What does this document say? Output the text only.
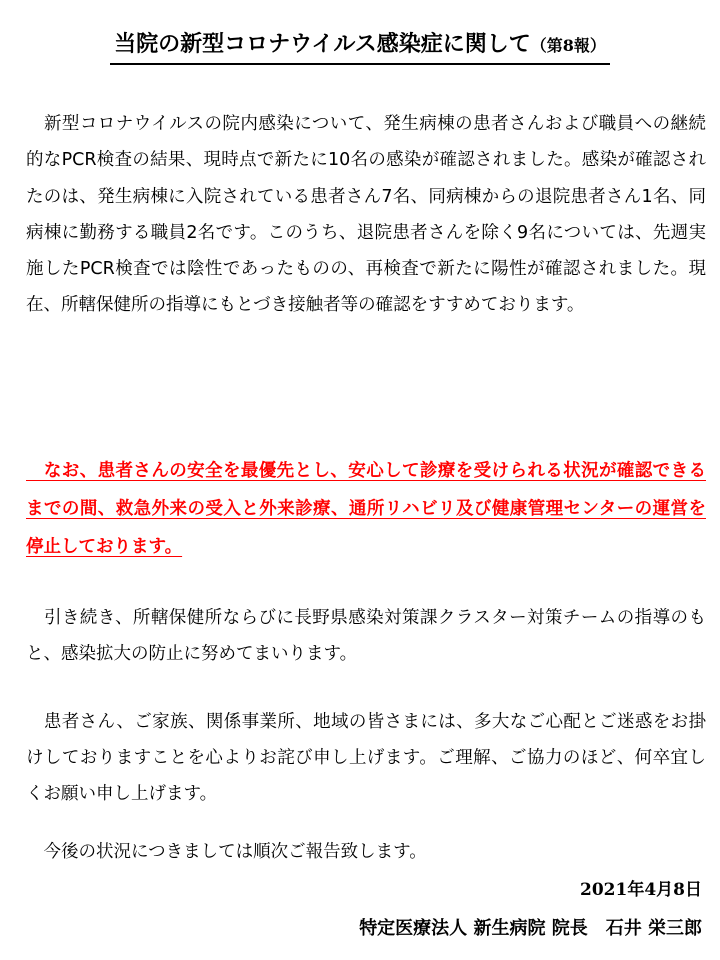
当院の新型コロナウイルス感染症に関して（第8報）

　新型コロナウイルスの院内感染について、発生病棟の患者さんおよび職員への継続的なPCR検査の結果、現時点で新たに10名の感染が確認されました。感染が確認されたのは、発生病棟に入院されている患者さん7名、同病棟からの退院患者さん1名、同病棟に勤務する職員2名です。このうち、退院患者さんを除く9名については、先週実施したPCR検査では陰性であったものの、再検査で新たに陽性が確認されました。現在、所轄保健所の指導にもとづき接触者等の確認をすすめております。

　なお、患者さんの安全を最優先とし、安心して診療を受けられる状況が確認できるまでの間、救急外来の受入と外来診療、通所リハビリ及び健康管理センターの運営を停止しております。

　引き続き、所轄保健所ならびに長野県感染対策課クラスター対策チームの指導のもと、感染拡大の防止に努めてまいります。

　患者さん、ご家族、関係事業所、地域の皆さまには、多大なご心配とご迷惑をお掛けしておりますことを心よりお詫び申し上げます。ご理解、ご協力のほど、何卒宜しくお願い申し上げます。

　今後の状況につきましては順次ご報告致します。

2021年4月8日
特定医療法人 新生病院 院長　石井 栄三郎
